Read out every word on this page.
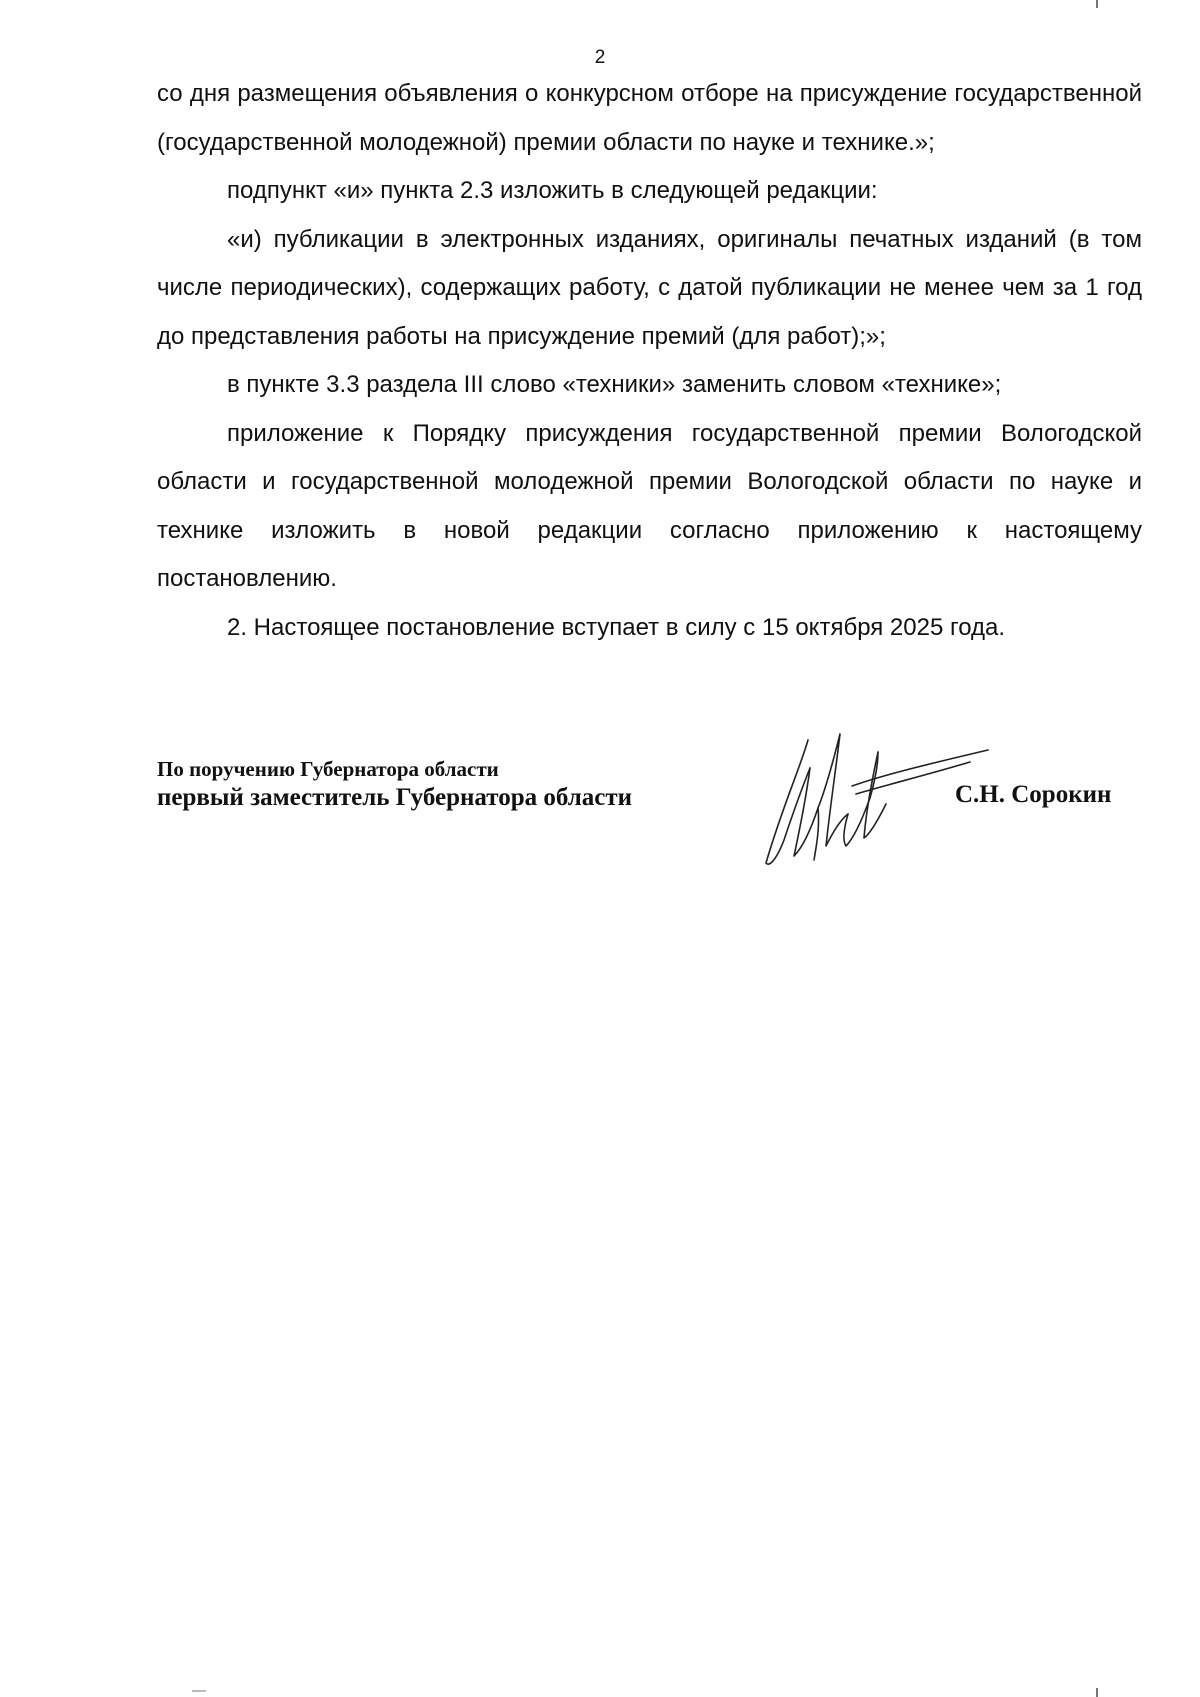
2

со дня размещения объявления о конкурсном отборе на присуждение государственной (государственной молодежной) премии области по науке и технике.»;

подпункт «и» пункта 2.3 изложить в следующей редакции:

«и) публикации в электронных изданиях, оригиналы печатных изданий (в том числе периодических), содержащих работу, с датой публикации не менее чем за 1 год до представления работы на присуждение премий (для работ);»;

в пункте 3.3 раздела III слово «техники» заменить словом «технике»;

приложение к Порядку присуждения государственной премии Вологодской области и государственной молодежной премии Вологодской области по науке и технике изложить в новой редакции согласно приложению к настоящему постановлению.

2. Настоящее постановление вступает в силу с 15 октября 2025 года.

По поручению Губернатора области
первый заместитель Губернатора области	С.Н. Сорокин
